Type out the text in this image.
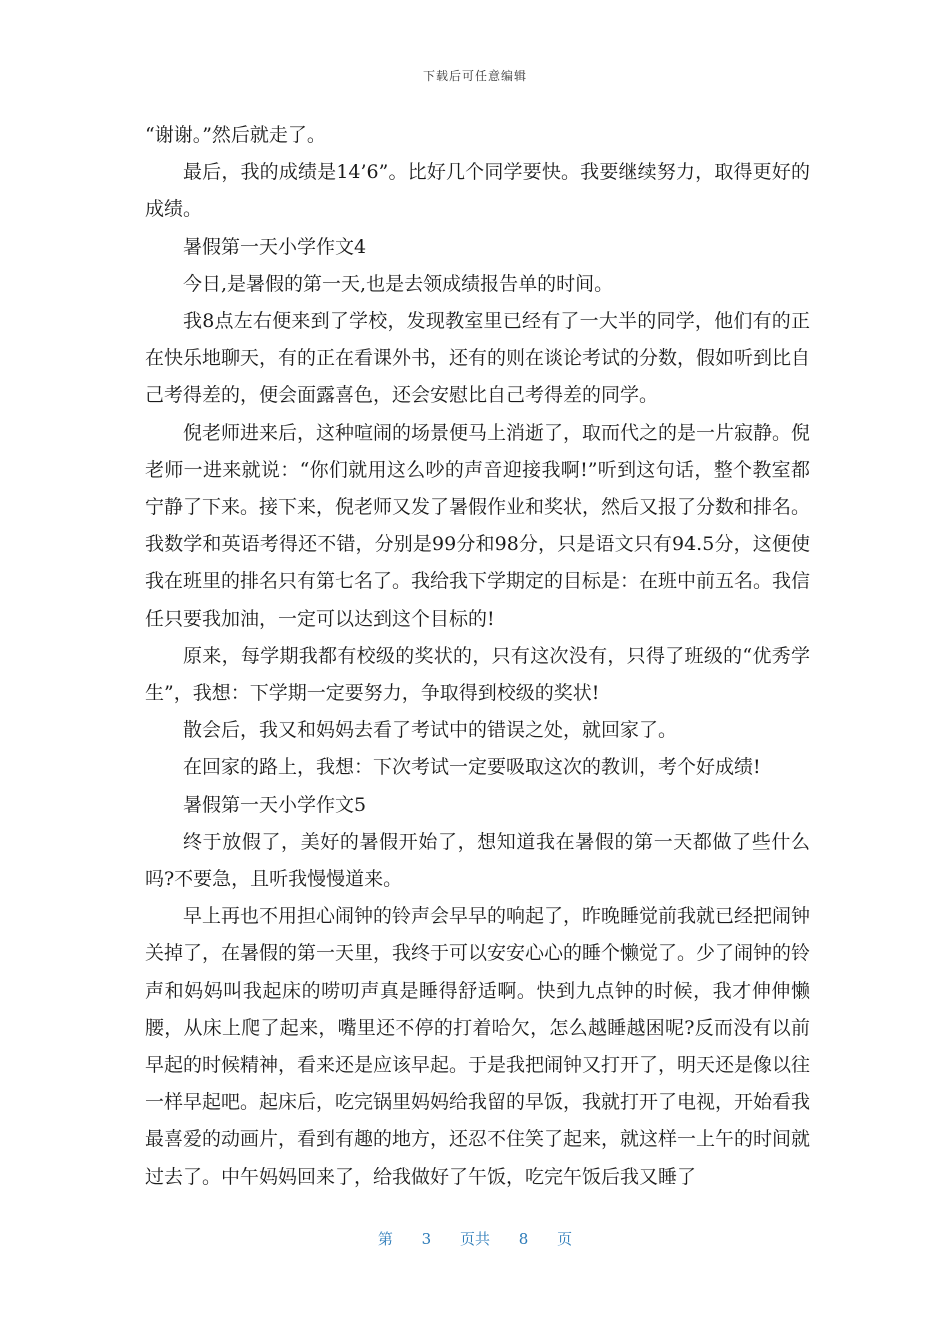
下载后可任意编辑

“谢谢。”然后就走了。

最后，我的成绩是14’6”。比好几个同学要快。我要继续努力，取得更好的成绩。

暑假第一天小学作文4

今日,是暑假的第一天,也是去领成绩报告单的时间。

我8点左右便来到了学校，发现教室里已经有了一大半的同学，他们有的正在快乐地聊天，有的正在看课外书，还有的则在谈论考试的分数，假如听到比自己考得差的，便会面露喜色，还会安慰比自己考得差的同学。

倪老师进来后，这种喧闹的场景便马上消逝了，取而代之的是一片寂静。倪老师一进来就说：“你们就用这么吵的声音迎接我啊!”听到这句话，整个教室都宁静了下来。接下来，倪老师又发了暑假作业和奖状，然后又报了分数和排名。我数学和英语考得还不错，分别是99分和98分，只是语文只有94.5分，这便使我在班里的排名只有第七名了。我给我下学期定的目标是：在班中前五名。我信任只要我加油，一定可以达到这个目标的!

原来，每学期我都有校级的奖状的，只有这次没有，只得了班级的“优秀学生”，我想：下学期一定要努力，争取得到校级的奖状!

散会后，我又和妈妈去看了考试中的错误之处，就回家了。

在回家的路上，我想：下次考试一定要吸取这次的教训，考个好成绩!

暑假第一天小学作文5

终于放假了，美好的暑假开始了，想知道我在暑假的第一天都做了些什么吗?不要急，且听我慢慢道来。

早上再也不用担心闹钟的铃声会早早的响起了，昨晚睡觉前我就已经把闹钟关掉了，在暑假的第一天里，我终于可以安安心心的睡个懒觉了。少了闹钟的铃声和妈妈叫我起床的唠叨声真是睡得舒适啊。快到九点钟的时候，我才伸伸懒腰，从床上爬了起来，嘴里还不停的打着哈欠，怎么越睡越困呢?反而没有以前早起的时候精神，看来还是应该早起。于是我把闹钟又打开了，明天还是像以往一样早起吧。起床后，吃完锅里妈妈给我留的早饭，我就打开了电视，开始看我最喜爱的动画片，看到有趣的地方，还忍不住笑了起来，就这样一上午的时间就过去了。中午妈妈回来了，给我做好了午饭，吃完午饭后我又睡了

第 3 页共 8 页
